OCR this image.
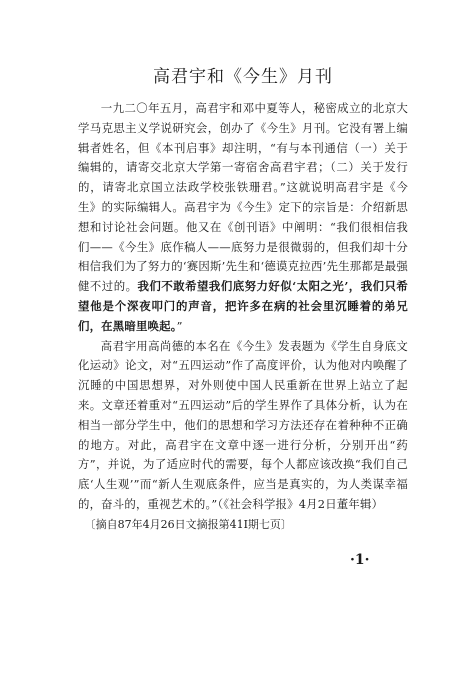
高君宇和《今生》月刊

一九二〇年五月，高君宇和邓中夏等人，秘密成立的北京大学马克思主义学说研究会，创办了《今生》月刊。它没有署上编辑者姓名，但《本刊启事》却注明，“有与本刊通信（一）关于编辑的，请寄交北京大学第一寄宿舍高君宇君；（二）关于发行的，请寄北京国立法政学校张铁珊君。”这就说明高君宇是《今生》的实际编辑人。高君宇为《今生》定下的宗旨是：介绍新思想和讨论社会问题。他又在《创刊语》中阐明：“我们很相信我们——《今生》底作稿人——底努力是很微弱的，但我们却十分相信我们为了努力的‘赛因斯’先生和‘德谟克拉西’先生那都是最强健不过的。我们不敢希望我们底努力好似‘太阳之光’，我们只希望他是个深夜叩门的声音，把许多在病的社会里沉睡着的弟兄们，在黑暗里唤起。”

高君宇用高尚德的本名在《今生》发表题为《学生自身底文化运动》论文，对“五四运动”作了高度评价，认为他对内唤醒了沉睡的中国思想界，对外则使中国人民重新在世界上站立了起来。文章还着重对“五四运动”后的学生界作了具体分析，认为在相当一部分学生中，他们的思想和学习方法还存在着种种不正确的地方。对此，高君宇在文章中逐一进行分析，分别开出“药方”，并说，为了适应时代的需要，每个人都应该改换“我们自己底‘人生观’”而“新人生观底条件，应当是真实的，为人类谋幸福的，奋斗的，重视艺术的。”（《社会科学报》4月2日董年辑）

〔摘自87年4月26日文摘报第41Ⅰ期七页〕

·1·
